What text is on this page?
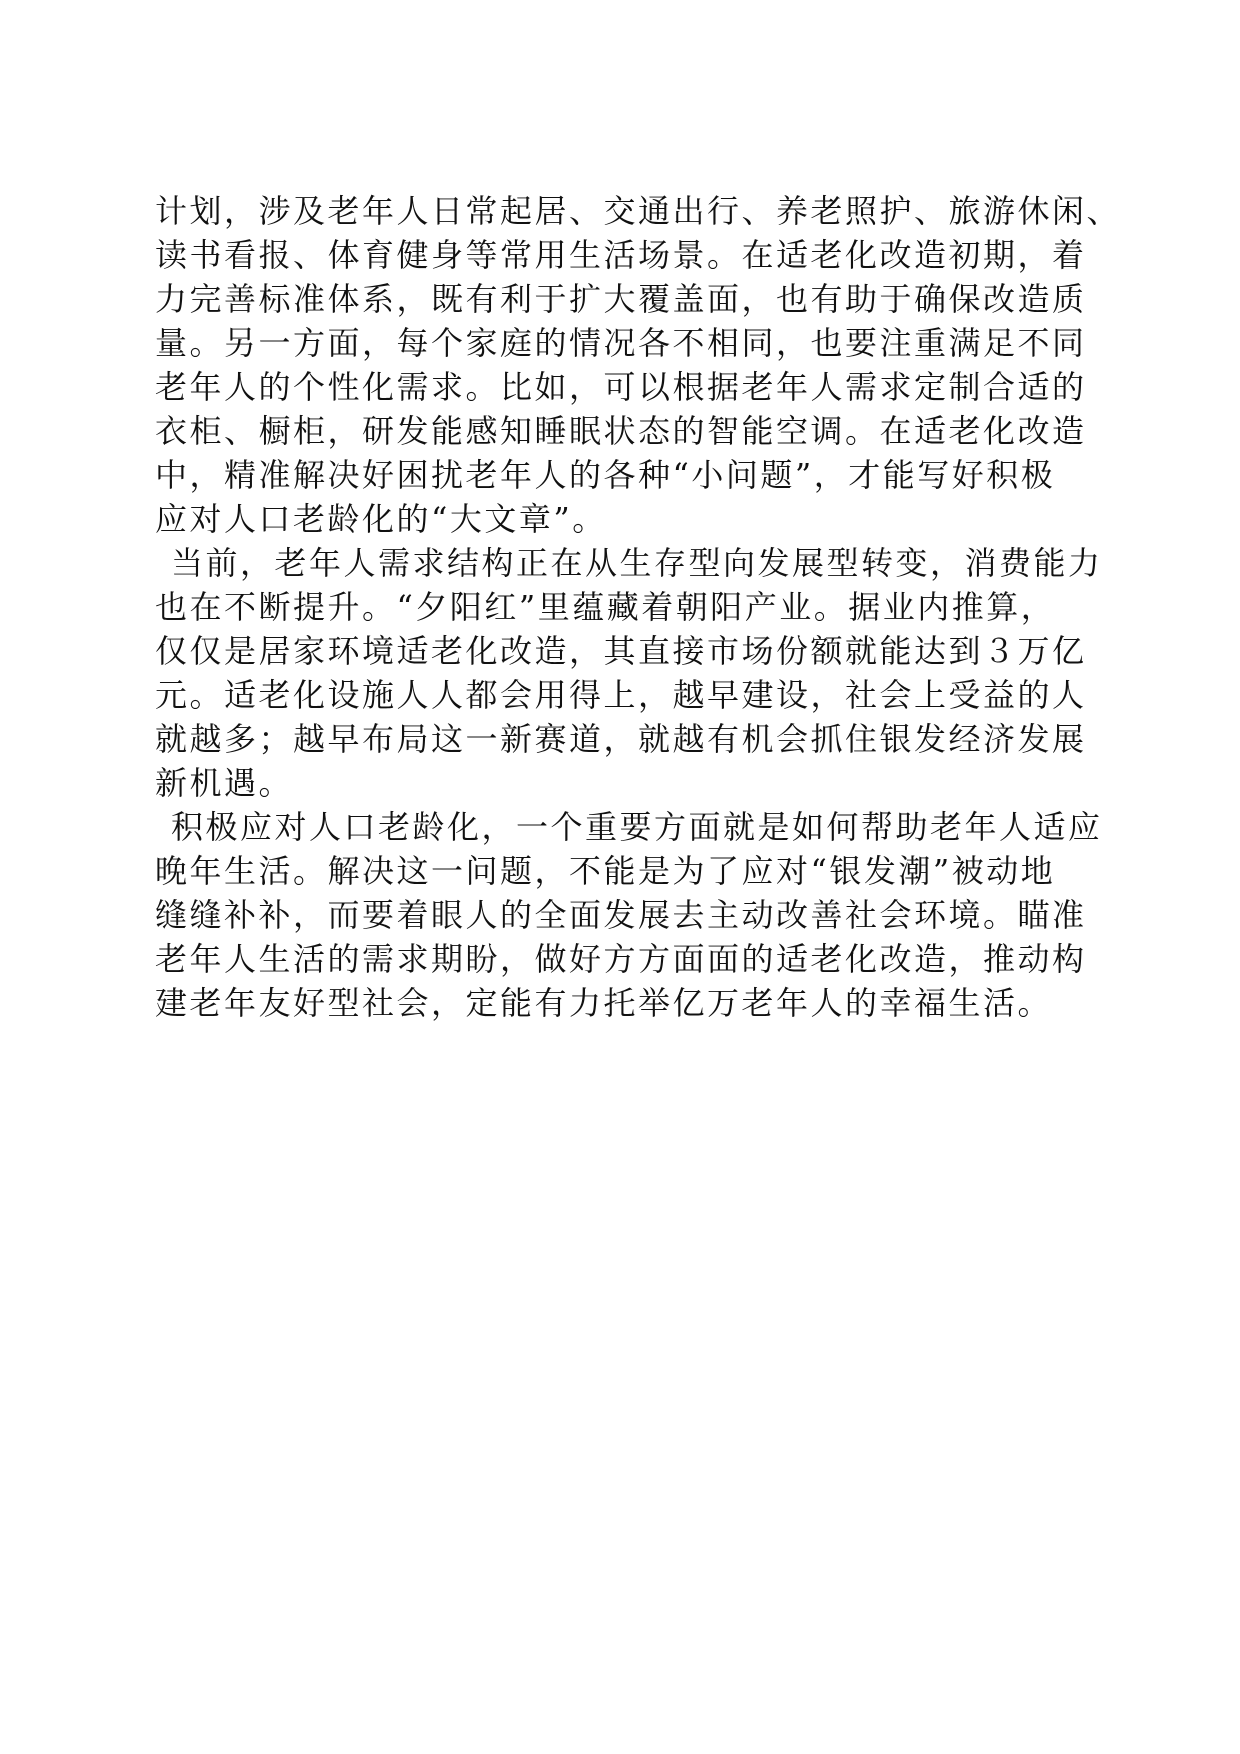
计划，涉及老年人日常起居、交通出行、养老照护、旅游休闲、
读书看报、体育健身等常用生活场景。在适老化改造初期，着
力完善标准体系，既有利于扩大覆盖面，也有助于确保改造质
量。另一方面，每个家庭的情况各不相同，也要注重满足不同
老年人的个性化需求。比如，可以根据老年人需求定制合适的
衣柜、橱柜，研发能感知睡眠状态的智能空调。在适老化改造
中，精准解决好困扰老年人的各种“小问题”，才能写好积极
应对人口老龄化的“大文章”。
当前，老年人需求结构正在从生存型向发展型转变，消费能力
也在不断提升。“夕阳红”里蕴藏着朝阳产业。据业内推算，
仅仅是居家环境适老化改造，其直接市场份额就能达到３万亿
元。适老化设施人人都会用得上，越早建设，社会上受益的人
就越多；越早布局这一新赛道，就越有机会抓住银发经济发展
新机遇。
积极应对人口老龄化，一个重要方面就是如何帮助老年人适应
晚年生活。解决这一问题，不能是为了应对“银发潮”被动地
缝缝补补，而要着眼人的全面发展去主动改善社会环境。瞄准
老年人生活的需求期盼，做好方方面面的适老化改造，推动构
建老年友好型社会，定能有力托举亿万老年人的幸福生活。
